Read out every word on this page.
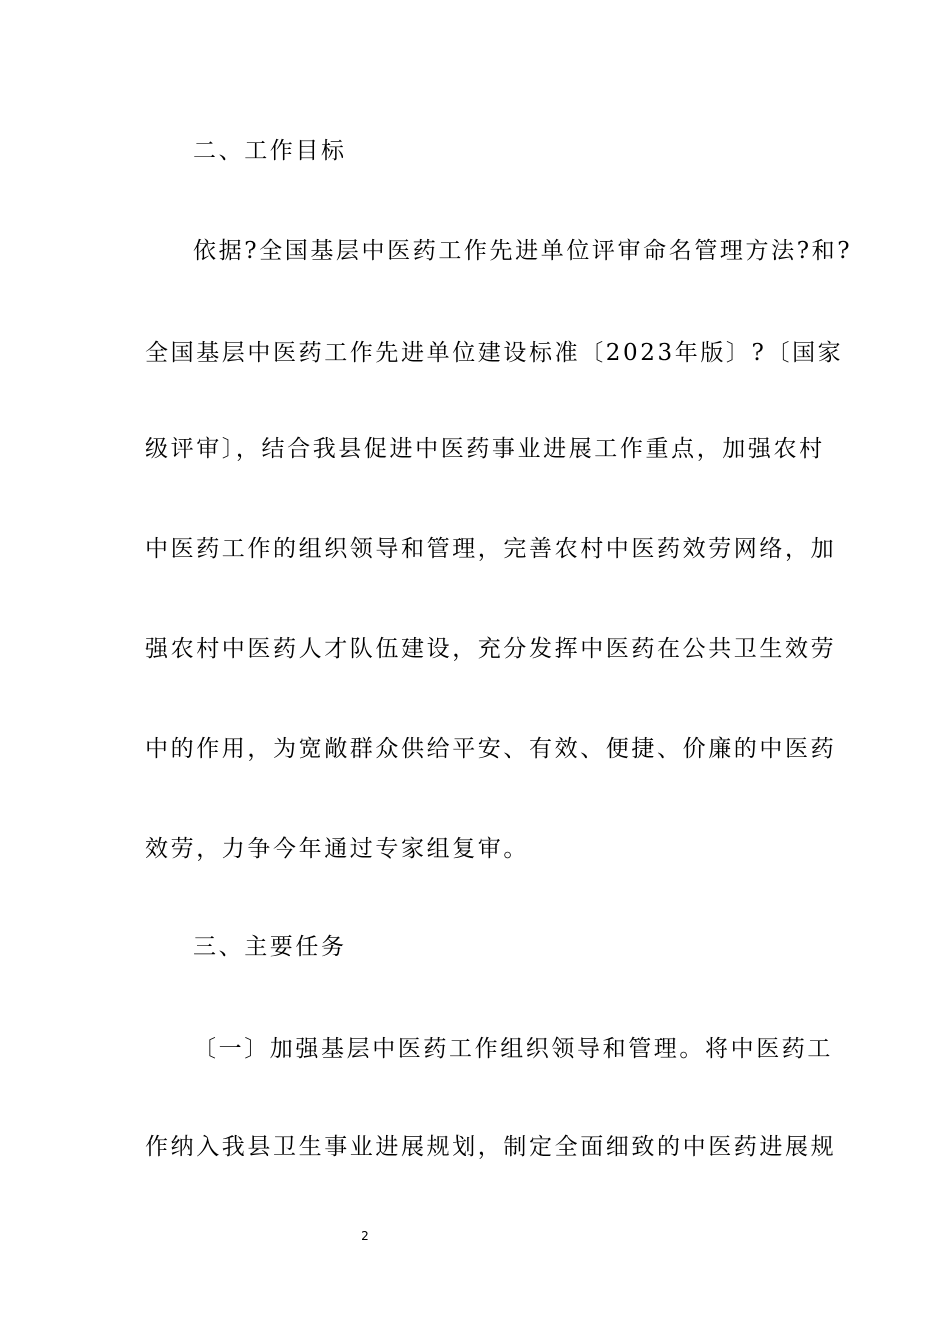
二、工作目标
依据?全国基层中医药工作先进单位评审命名管理方法?和?
全国基层中医药工作先进单位建设标准〔2023年版〕?〔国家
级评审〕，结合我县促进中医药事业进展工作重点，加强农村
中医药工作的组织领导和管理，完善农村中医药效劳网络，加
强农村中医药人才队伍建设，充分发挥中医药在公共卫生效劳
中的作用，为宽敞群众供给平安、有效、便捷、价廉的中医药
效劳，力争今年通过专家组复审。
三、主要任务
〔一〕加强基层中医药工作组织领导和管理。将中医药工
作纳入我县卫生事业进展规划，制定全面细致的中医药进展规
2
